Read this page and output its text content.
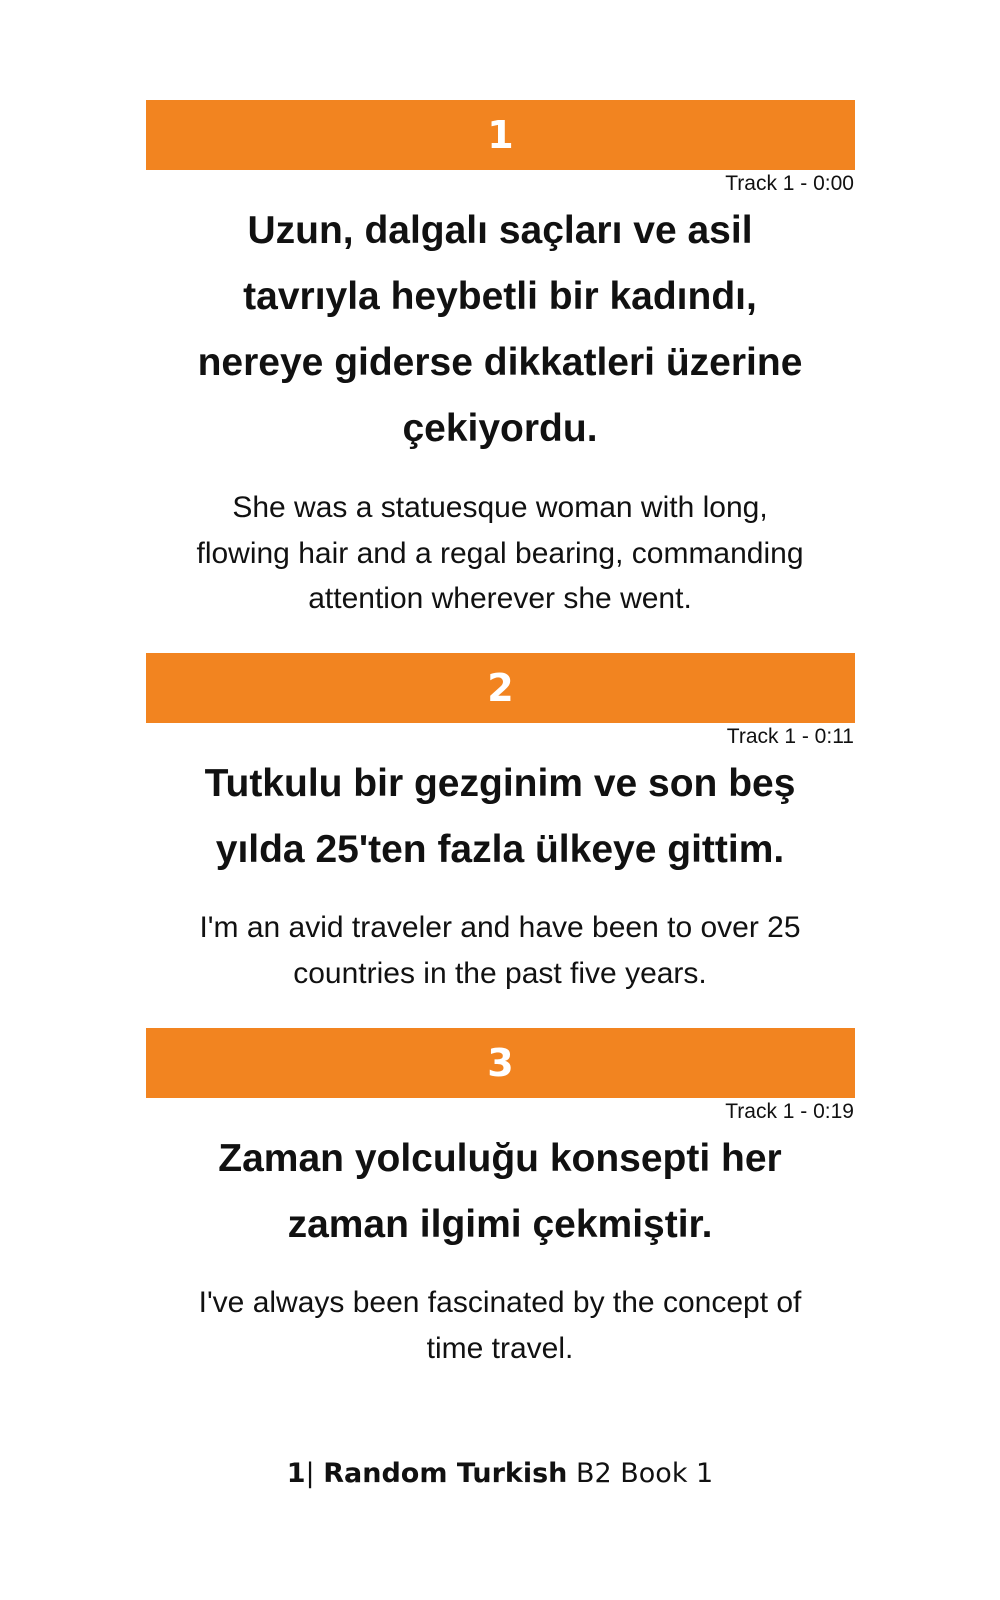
1
Track 1 - 0:00
Uzun, dalgalı saçları ve asil
tavrıyla heybetli bir kadındı,
nereye giderse dikkatleri üzerine
çekiyordu.
She was a statuesque woman with long,
flowing hair and a regal bearing, commanding
attention wherever she went.
2
Track 1 - 0:11
Tutkulu bir gezginim ve son beş
yılda 25'ten fazla ülkeye gittim.
I'm an avid traveler and have been to over 25
countries in the past five years.
3
Track 1 - 0:19
Zaman yolculuğu konsepti her
zaman ilgimi çekmiştir.
I've always been fascinated by the concept of
time travel.
1| Random Turkish B2 Book 1
